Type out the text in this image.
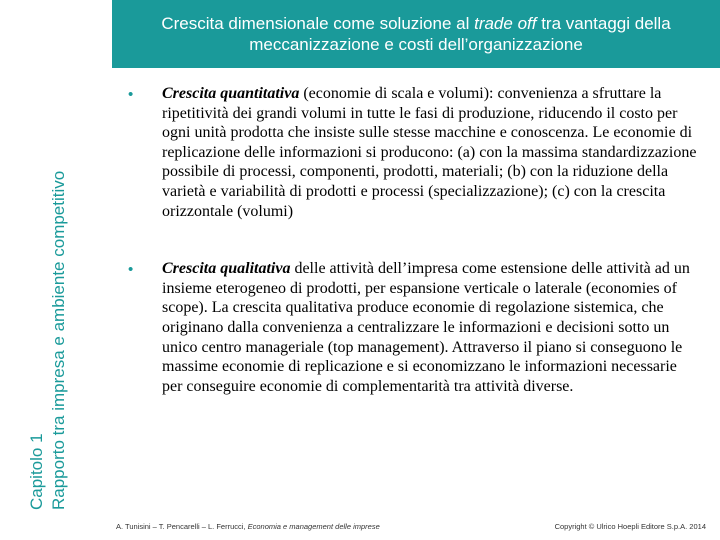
Capitolo 1 Rapporto tra impresa e ambiente competitivo
Crescita dimensionale come soluzione al trade off tra vantaggi della meccanizzazione e costi dell’organizzazione
• Crescita quantitativa (economie di scala e volumi): convenienza a sfruttare la ripetitività dei grandi volumi in tutte le fasi di produzione, riducendo il costo per ogni unità prodotta che insiste sulle stesse macchine e conoscenza. Le economie di replicazione delle informazioni si producono: (a) con la massima standardizzazione possibile di processi, componenti, prodotti, materiali; (b) con la riduzione della varietà e variabilità di prodotti e processi (specializzazione); (c) con la crescita orizzontale (volumi)
• Crescita qualitativa delle attività dell’impresa come estensione delle attività ad un insieme eterogeneo di prodotti, per espansione verticale o laterale (economies of scope). La crescita qualitativa produce economie di regolazione sistemica, che originano dalla convenienza a centralizzare le informazioni e decisioni sotto un unico centro manageriale (top management). Attraverso il piano si conseguono le massime economie di replicazione e si economizzano le informazioni necessarie per conseguire economie di complementarità tra attività diverse.
A. Tunisini – T. Pencarelli – L. Ferrucci, Economia e management delle imprese	Copyright © Ulrico Hoepli Editore S.p.A. 2014
